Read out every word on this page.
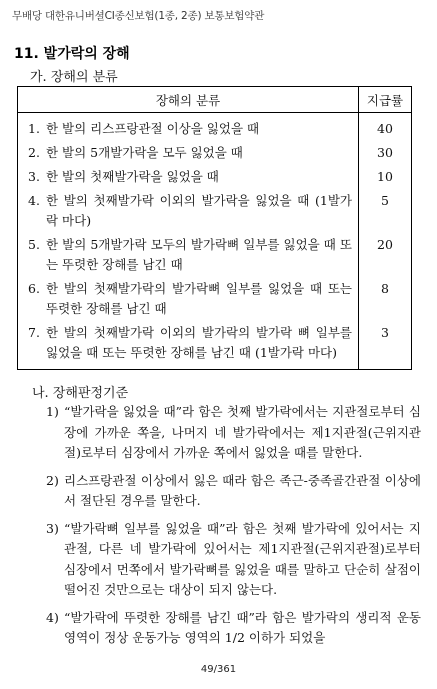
무배당 대한유니버셜CI종신보험(1종, 2종) 보통보험약관
11. 발가락의 장해
가. 장해의 분류
장해의 분류	지급률

1. 한 발의 리스프랑관절 이상을 잃었을 때	40

2. 한 발의 5개발가락을 모두 잃었을 때	30

3. 한 발의 첫째발가락을 잃었을 때	10

4. 한 발의 첫째발가락 이외의 발가락을 잃었을 때 (1발가락 마다)	5

5. 한 발의 5개발가락 모두의 발가락뼈 일부를 잃었을 때 또는 뚜렷한 장해를 남긴 때	20

6. 한 발의 첫째발가락의 발가락뼈 일부를 잃었을 때 또는 뚜렷한 장해를 남긴 때	8

7. 한 발의 첫째발가락 이외의 발가락의 발가락 뼈 일부를 잃었을 때 또는 뚜렷한 장해를 남긴 때 (1발가락 마다)	3
나. 장해판정기준
1) “발가락을 잃었을 때”라 함은 첫째 발가락에서는 지관절로부터 심장에 가까운 쪽을, 나머지 네 발가락에서는 제1지관절(근위지관절)로부터 심장에서 가까운 쪽에서 잃었을 때를 말한다.
2) 리스프랑관절 이상에서 잃은 때라 함은 족근-중족골간관절 이상에서 절단된 경우를 말한다.
3) “발가락뼈 일부를 잃었을 때”라 함은 첫째 발가락에 있어서는 지관절, 다른 네 발가락에 있어서는 제1지관절(근위지관절)로부터 심장에서 먼쪽에서 발가락뼈를 잃었을 때를 말하고 단순히 살점이 떨어진 것만으로는 대상이 되지 않는다.
4) “발가락에 뚜렷한 장해를 남긴 때”라 함은 발가락의 생리적 운동 영역이 정상 운동가능 영역의 1/2 이하가 되었을
49/361
